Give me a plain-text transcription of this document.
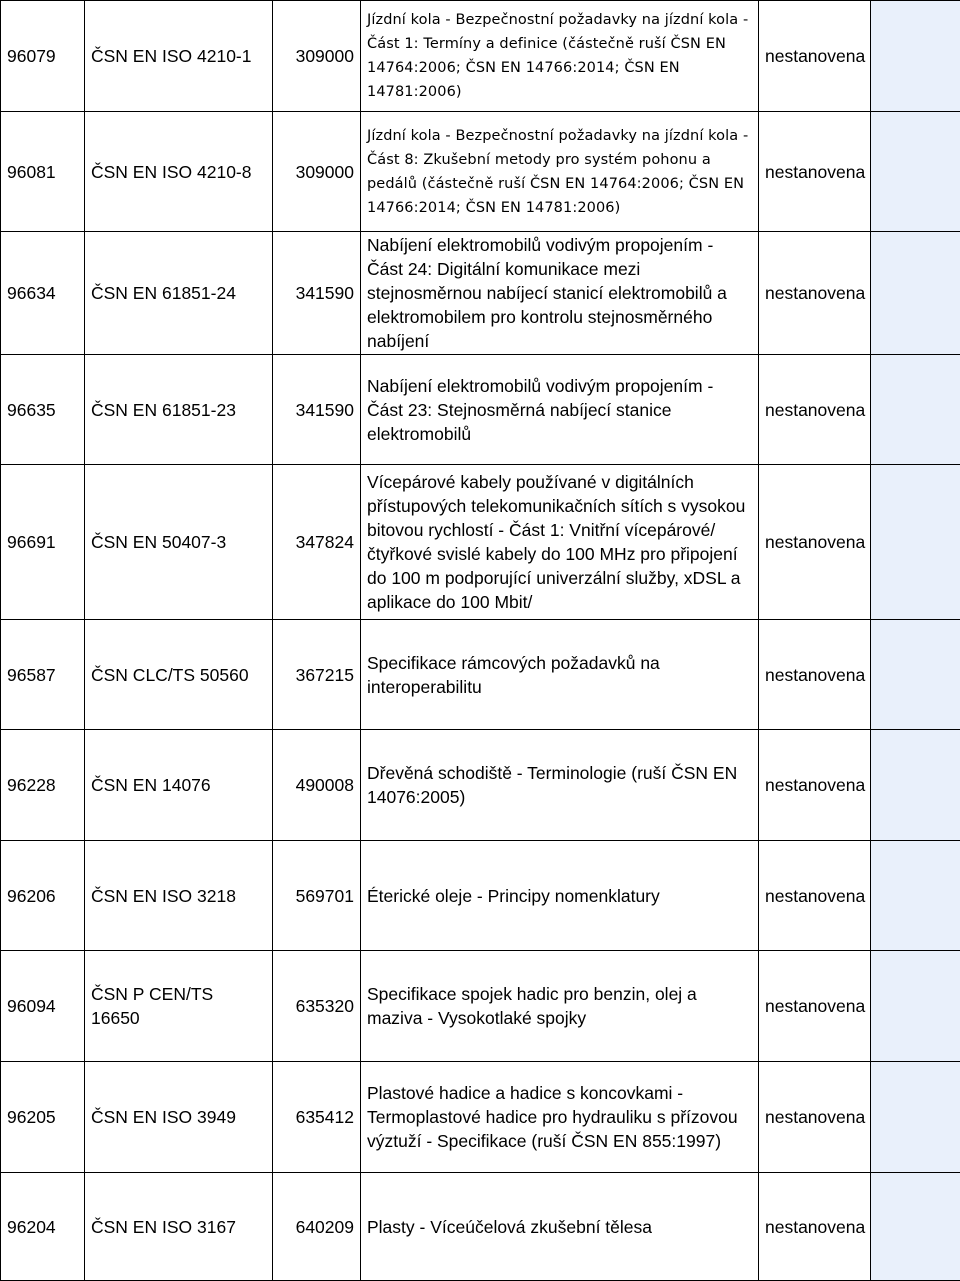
96079	ČSN EN ISO 4210-1	309000	Jízdní kola - Bezpečnostní požadavky na jízdní kola - Část 1: Termíny a definice (částečně ruší ČSN EN 14764:2006; ČSN EN 14766:2014; ČSN EN 14781:2006)	nestanovena	
96081	ČSN EN ISO 4210-8	309000	Jízdní kola - Bezpečnostní požadavky na jízdní kola - Část 8: Zkušební metody pro systém pohonu a pedálů (částečně ruší ČSN EN 14764:2006; ČSN EN 14766:2014; ČSN EN 14781:2006)	nestanovena	
96634	ČSN EN 61851-24	341590	Nabíjení elektromobilů vodivým propojením - Část 24: Digitální komunikace mezi stejnosměrnou nabíjecí stanicí elektromobilů a elektromobilem pro kontrolu stejnosměrného nabíjení	nestanovena	
96635	ČSN EN 61851-23	341590	Nabíjení elektromobilů vodivým propojením - Část 23: Stejnosměrná nabíjecí stanice elektromobilů	nestanovena	
96691	ČSN EN 50407-3	347824	Vícepárové kabely používané v digitálních přístupových telekomunikačních sítích s vysokou bitovou rychlostí - Část 1: Vnitřní vícepárové/čtyřkové svislé kabely do 100 MHz pro připojení do 100 m podporující univerzální služby, xDSL a aplikace do 100 Mbit/	nestanovena	
96587	ČSN CLC/TS 50560	367215	Specifikace rámcových požadavků na interoperabilitu	nestanovena	
96228	ČSN EN 14076	490008	Dřevěná schodiště - Terminologie (ruší ČSN EN 14076:2005)	nestanovena	
96206	ČSN EN ISO 3218	569701	Éterické oleje - Principy nomenklatury	nestanovena	
96094	ČSN P CEN/TS 16650	635320	Specifikace spojek hadic pro benzin, olej a maziva - Vysokotlaké spojky	nestanovena	
96205	ČSN EN ISO 3949	635412	Plastové hadice a hadice s koncovkami - Termoplastové hadice pro hydrauliku s přízovou výztuží - Specifikace (ruší ČSN EN 855:1997)	nestanovena	
96204	ČSN EN ISO 3167	640209	Plasty - Víceúčelová zkušební tělesa	nestanovena	
